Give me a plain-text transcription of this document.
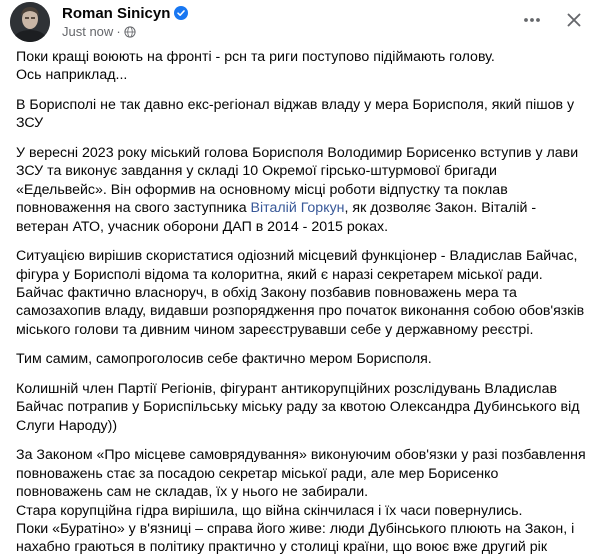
Roman Sinicyn
Just now ·

Поки кращі воюють на фронті - рсн та риги поступово підіймають голову.

Ось наприклад...

В Борисполі не так давно екс-регіонал віджав владу у мера Борисполя, який пішов у ЗСУ

У вересні 2023 року міський голова Борисполя Володимир Борисенко вступив у лави ЗСУ та виконує завдання у складі 10 Окремої гірсько-штурмової бригади «Едельвейс». Він оформив на основному місці роботи відпустку та поклав повноваження на свого заступника Віталій Горкун, як дозволяє Закон. Віталій - ветеран АТО, учасник оборони ДАП в 2014 - 2015 роках.

Ситуацією вирішив скористатися одіозний місцевий функціонер - Владислав Байчас, фігура у Борисполі відома та колоритна, який є наразі секретарем міської ради. Байчас фактично власноруч, в обхід Закону позбавив повноважень мера та самозахопив владу, видавши розпорядження про початок виконання собою обов'язків міського голови та дивним чином зареєструвавши себе у державному реєстрі.

Тим самим, самопроголосив себе фактично мером Борисполя.

Колишній член Партії Регіонів, фігурант антикорупційних розслідувань Владислав Байчас потрапив у Бориспільську міську раду за квотою Олександра Дубинського від Слуги Народу))

За Законом «Про місцеве самоврядування» виконуючим обов'язки у разі позбавлення повноважень стає за посадою секретар міської ради, але мер Борисенко повноважень сам не складав, їх у нього не забирали.

Стара корупційна гідра вирішила, що війна скінчилася і їх часи повернулись.

Поки «Буратіно» у в'язниці – справа його живе: люди Дубінського плюють на Закон, і нахабно граються в політику практично у столиці країни, що воює вже другий рік
